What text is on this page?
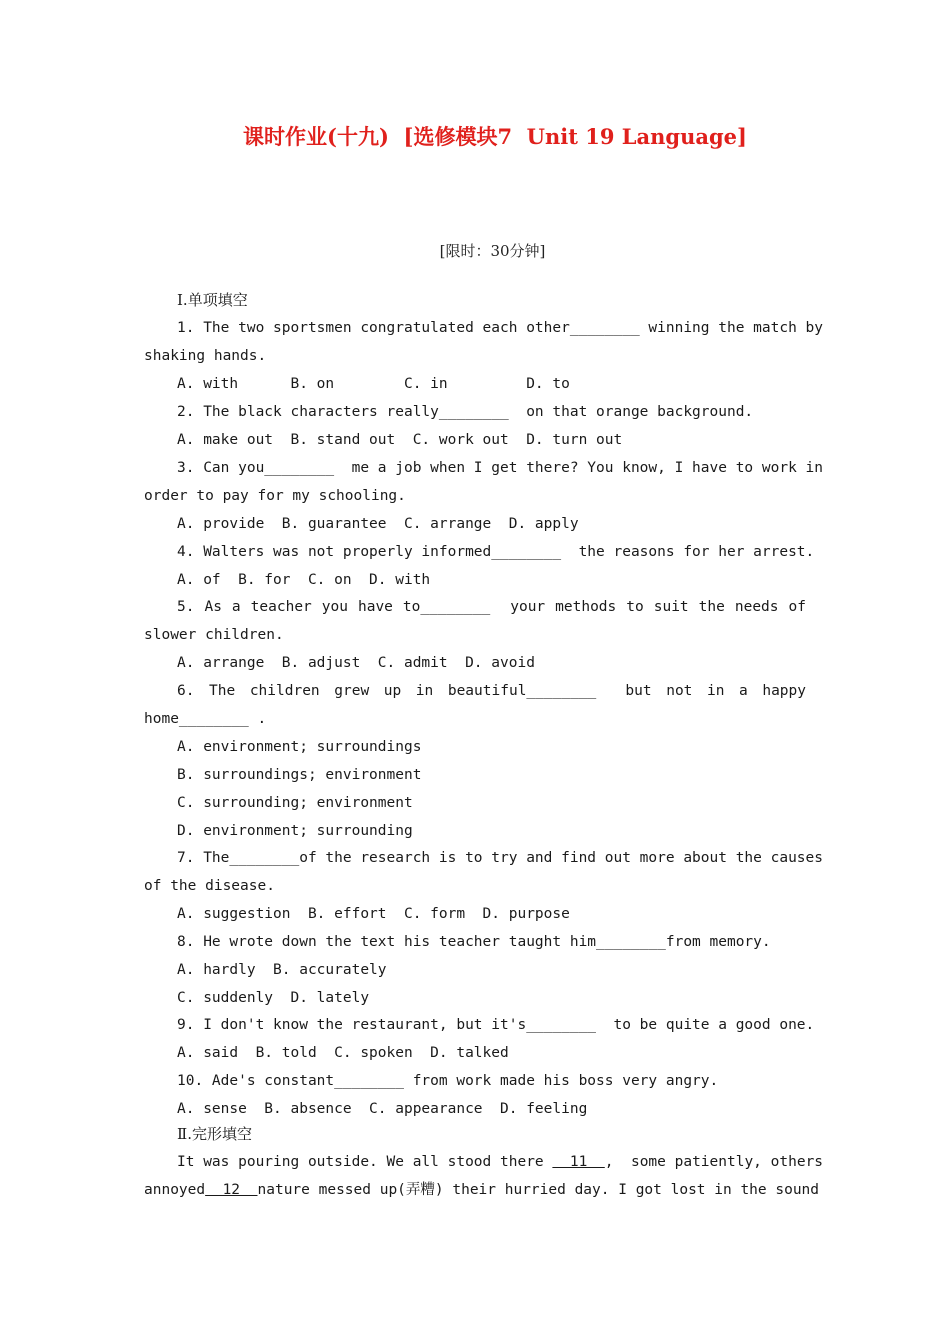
课时作业(十九)  [选修模块7  Unit 19 Language]
[限时：30分钟]
Ⅰ.单项填空
1. The two sportsmen congratulated each other________ winning the match by
shaking hands.
A. with      B. on        C. in         D. to
2. The black characters really________  on that orange background.
A. make out  B. stand out  C. work out  D. turn out
3. Can you________  me a job when I get there? You know, I have to work in
order to pay for my schooling.
A. provide  B. guarantee  C. arrange  D. apply
4. Walters was not properly informed________  the reasons for her arrest.
A. of  B. for  C. on  D. with
5. As a teacher you have to________  your methods to suit the needs of
slower children.
A. arrange  B. adjust  C. admit  D. avoid
6. The children grew up in beautiful________  but not in a happy
home________ .
A. environment; surroundings
B. surroundings; environment
C. surrounding; environment
D. environment; surrounding
7. The________of the research is to try and find out more about the causes
of the disease.
A. suggestion  B. effort  C. form  D. purpose
8. He wrote down the text his teacher taught him________from memory.
A. hardly  B. accurately
C. suddenly  D. lately
9. I don't know the restaurant, but it's________  to be quite a good one.
A. said  B. told  C. spoken  D. talked
10. Ade's constant________ from work made his boss very angry.
A. sense  B. absence  C. appearance  D. feeling
Ⅱ.完形填空
It was pouring outside. We all stood there   11  ,  some patiently, others
annoyed  12  nature messed up(弄糟) their hurried day. I got lost in the sound
